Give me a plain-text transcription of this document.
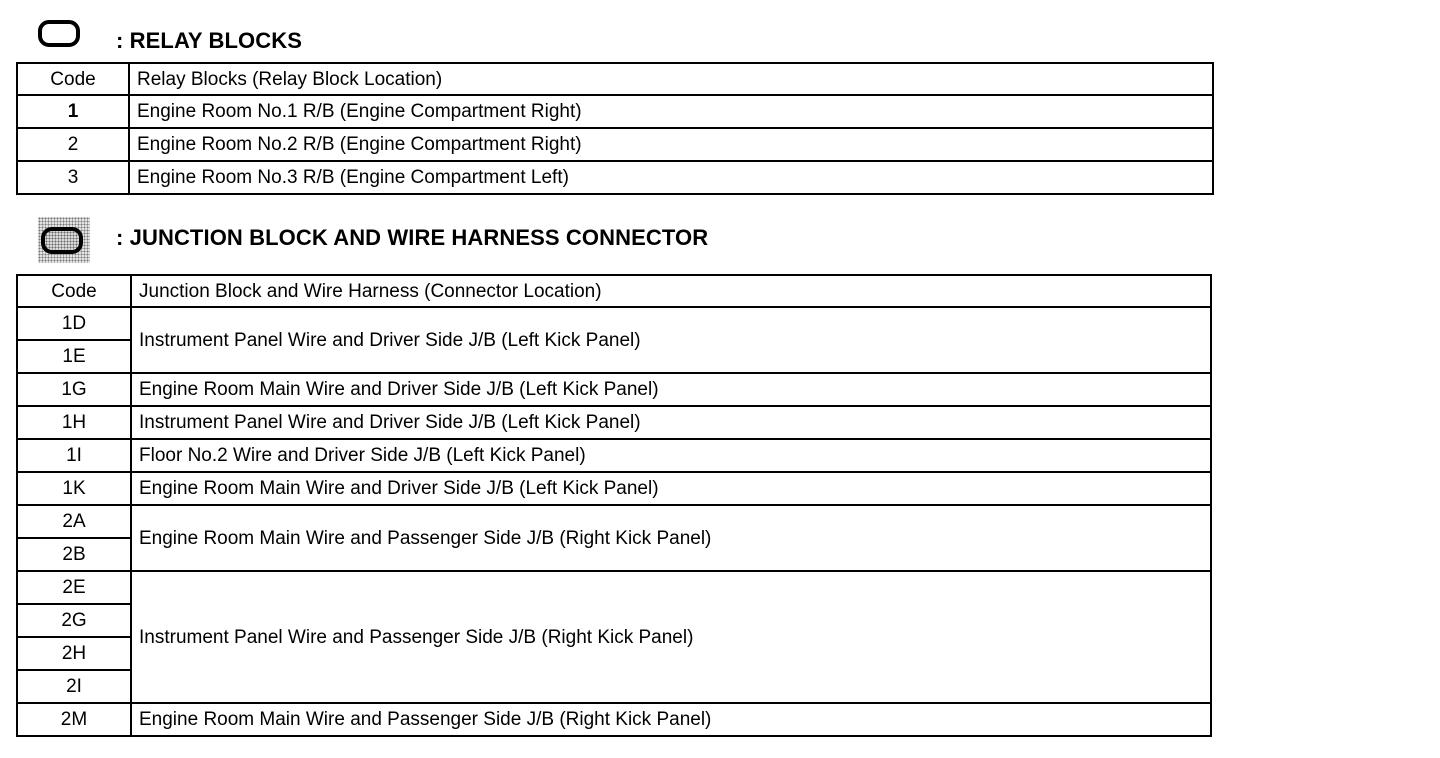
: RELAY BLOCKS
Code	Relay Blocks (Relay Block Location)
1	Engine Room No.1 R/B (Engine Compartment Right)
2	Engine Room No.2 R/B (Engine Compartment Right)
3	Engine Room No.3 R/B (Engine Compartment Left)
: JUNCTION BLOCK AND WIRE HARNESS CONNECTOR
Code	Junction Block and Wire Harness (Connector Location)
1D	Instrument Panel Wire and Driver Side J/B (Left Kick Panel)
1E	
1G	Engine Room Main Wire and Driver Side J/B (Left Kick Panel)
1H	Instrument Panel Wire and Driver Side J/B (Left Kick Panel)
1I	Floor No.2 Wire and Driver Side J/B (Left Kick Panel)
1K	Engine Room Main Wire and Driver Side J/B (Left Kick Panel)
2A	Engine Room Main Wire and Passenger Side J/B (Right Kick Panel)
2B	
2E	Instrument Panel Wire and Passenger Side J/B (Right Kick Panel)
2G	
2H	
2I	
2M	Engine Room Main Wire and Passenger Side J/B (Right Kick Panel)
